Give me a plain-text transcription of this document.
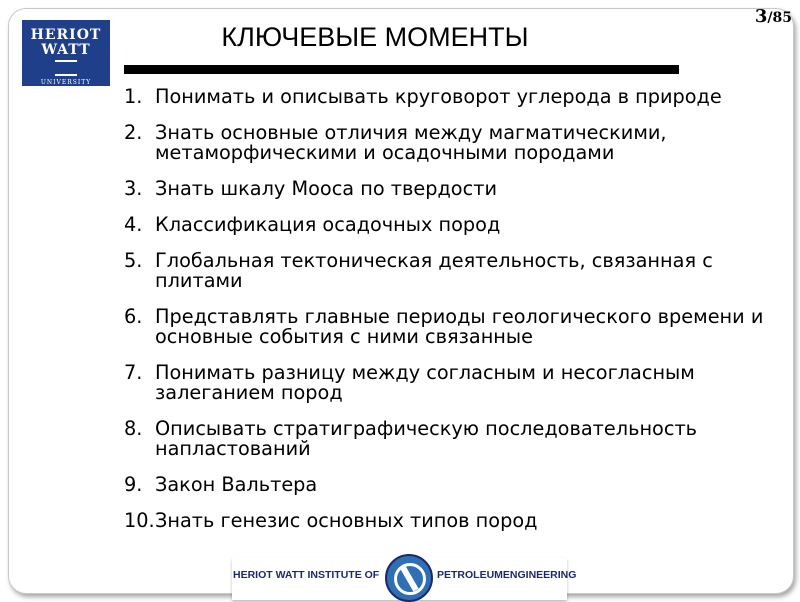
HERIOT
WATT
UNIVERSITY
КЛЮЧЕВЫЕ МОМЕНТЫ
3/85
1. Понимать и описывать круговорот углерода в природе
2. Знать основные отличия между магматическими, метаморфическими и осадочными породами
3. Знать шкалу Мооса по твердости
4. Классификация осадочных пород
5. Глобальная тектоническая деятельность, связанная с плитами
6. Представлять главные периоды геологического времени и основные события с ними связанные
7. Понимать разницу между согласным и несогласным залеганием пород
8. Описывать стратиграфическую последовательность напластований
9. Закон Вальтера
10. Знать генезис основных типов пород
HERIOT WATT INSTITUTE OF	PETROLEUMENGINEERING
